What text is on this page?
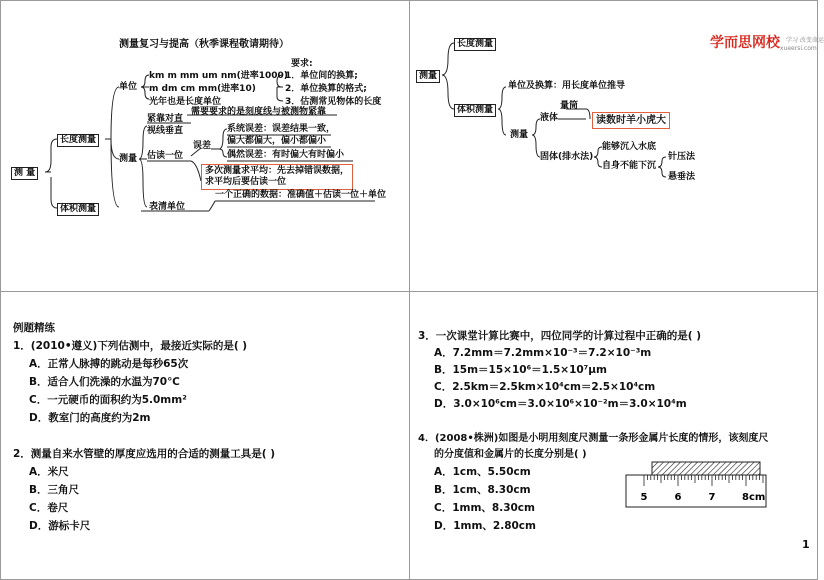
测量复习与提高（秋季课程敬请期待）
测 量
长度测量
体积测量
单位
km m mm um nm(进率1000)
m dm cm mm(进率10)
光年也是长度单位
要求:
1．单位间的换算;
2．单位换算的格式;
3．估测常见物体的长度
测量
需要要求的是刻度线与被测物紧靠
紧靠对直
视线垂直
估读一位
误差
系统误差：误差结果一致，
偏大都偏大，偏小都偏小
偶然误差：有时偏大有时偏小
多次测量求平均：先去掉错误数据，
求平均后要估读一位
一个正确的数据：准确值＋估读一位＋单位
表清单位
学而思网校 学习 改变命运
xueersi.com
测量
长度测量
体积测量
单位及换算：用长度单位推导
测量
液体
量筒
读数时羊小虎大
固体(排水法)
能够沉入水底
自身不能下沉
针压法
悬垂法
例题精练
1．(2010•遵义)下列估测中，最接近实际的是( )
A．正常人脉搏的跳动是每秒65次
B．适合人们洗澡的水温为70℃
C．一元硬币的面积约为5.0mm²
D．教室门的高度约为2m
2．测量自来水管壁的厚度应选用的合适的测量工具是( )
A．米尺
B．三角尺
C．卷尺
D．游标卡尺
3．一次课堂计算比赛中，四位同学的计算过程中正确的是( )
A．7.2mm＝7.2mm×10⁻³＝7.2×10⁻³m
B．15m＝15×10⁶＝1.5×10⁷μm
C．2.5km＝2.5km×10⁴cm＝2.5×10⁴cm
D．3.0×10⁶cm＝3.0×10⁶×10⁻²m＝3.0×10⁴m
4．(2008•株洲)如图是小明用刻度尺测量一条形金属片长度的情形，该刻度尺
的分度值和金属片的长度分别是( )
A．1cm、5.50cm
B．1cm、8.30cm
C．1mm、8.30cm
D．1mm、2.80cm
5	6	7	8cm
1
